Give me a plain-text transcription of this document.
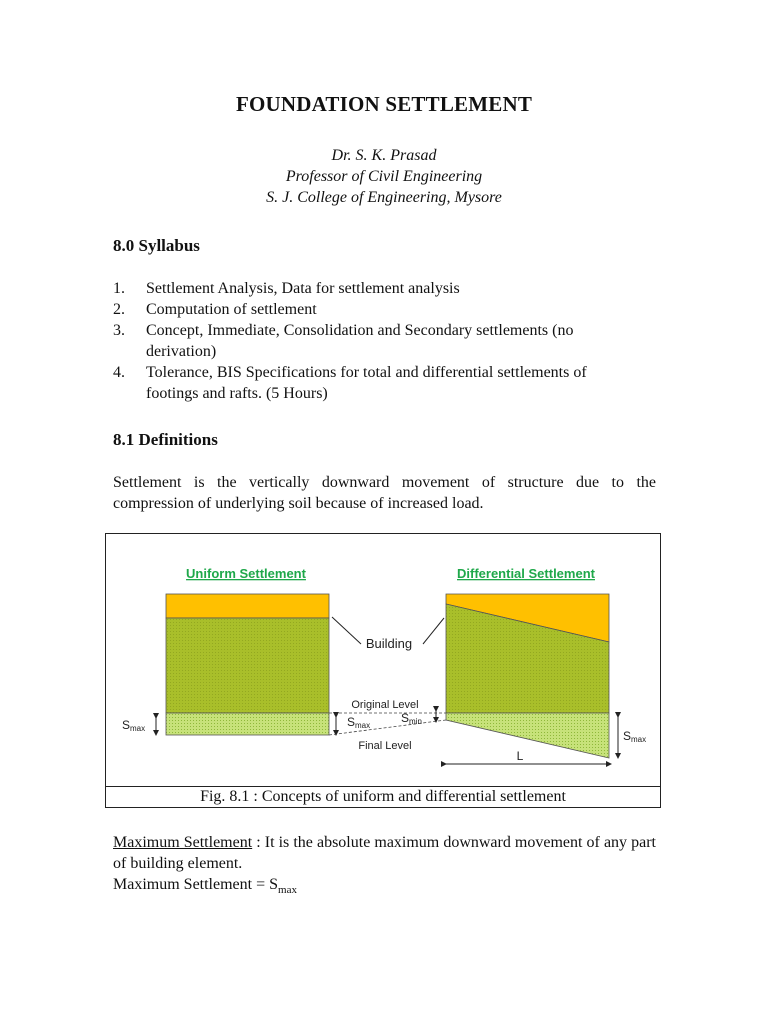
FOUNDATION SETTLEMENT
Dr. S. K. Prasad
Professor of Civil Engineering
S. J. College of Engineering, Mysore
8.0 Syllabus
1.	Settlement Analysis, Data for settlement analysis
2.	Computation of settlement
3.	Concept, Immediate, Consolidation and Secondary settlements (no derivation)
4.	Tolerance, BIS Specifications for total and differential settlements of footings and rafts. (5 Hours)
8.1 Definitions
Settlement is the vertically downward movement of structure due to the compression of underlying soil because of increased load.
Uniform Settlement	Differential Settlement
Building
Original Level
Final Level
Smax	Smax
Smin
Smax
L
Fig. 8.1 : Concepts of uniform and differential settlement
Maximum Settlement : It is the absolute maximum downward movement of any part of building element.
Maximum Settlement = $S_{max}$
